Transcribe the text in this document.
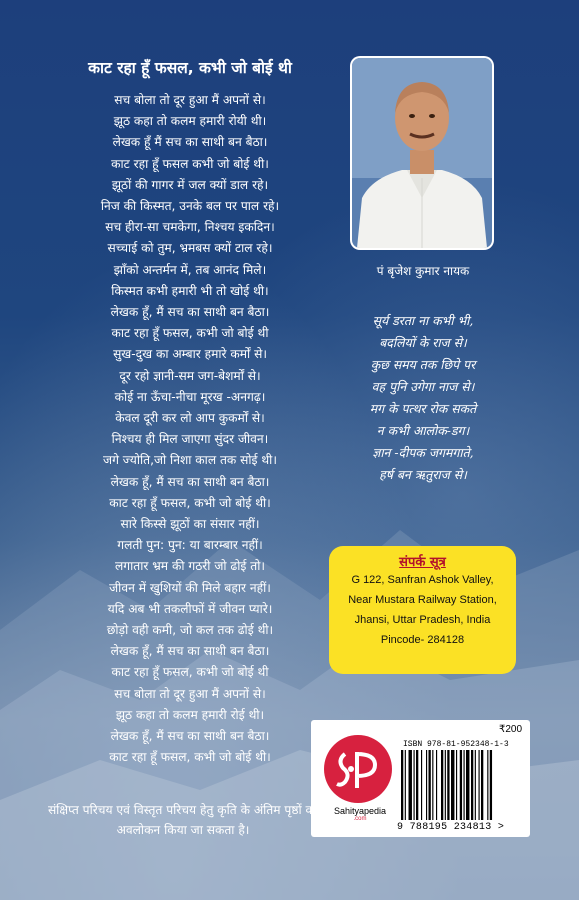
काट रहा हूँ फसल, कभी जो बोई थी
सच बोला तो दूर हुआ मैं अपनों से।
झूठ कहा तो कलम हमारी रोयी थी।
लेखक हूँ मैं सच का साथी बन बैठा।
काट रहा हूँ फसल कभी जो बोई थी।
झूठों की गागर में जल क्यों डाल रहे।
निज की किस्मत, उनके बल पर पाल रहे।
सच हीरा-सा चमकेगा, निश्चय इकदिन।
सच्चाई को तुम, भ्रमबस क्यों टाल रहे।
झाँको अन्तर्मन में, तब आनंद मिले।
किस्मत कभी हमारी भी तो खोई थी।
लेखक हूँ, मैं सच का साथी बन बैठा।
काट रहा हूँ फसल, कभी जो बोई थी
सुख-दुख का अम्बार हमारे कर्मों से।
दूर रहो ज्ञानी-सम जग-बेशर्मों से।
कोई ना ऊँचा-नीचा मूरख -अनगढ़।
केवल दूरी कर लो आप कुकर्मों से।
निश्चय ही मिल जाएगा सुंदर जीवन।
जगे ज्योति,जो निशा काल तक सोई थी।
लेखक हूँ, मैं सच का साथी बन बैठा।
काट रहा हूँ फसल, कभी जो बोई थी।
सारे किस्से झूठों का संसार नहीं।
गलती पुन: पुन: या बारम्बार नहीं।
लगातार भ्रम की गठरी जो ढोई तो।
जीवन में खुशियों की मिले बहार नहीं।
यदि अब भी तकलीफों में जीवन प्यारे।
छोड़ो वही कमी, जो कल तक ढोई थी।
लेखक हूँ, मैं सच का साथी बन बैठा।
काट रहा हूँ फसल, कभी जो बोई थी
सच बोला तो दूर हुआ मैं अपनों से।
झूठ कहा तो कलम हमारी रोई थी।
लेखक हूँ, मैं सच का साथी बन बैठा।
काट रहा हूँ फसल, कभी जो बोई थी।
पं बृजेश कुमार नायक
सूर्य डरता ना कभी भी,
बदलियों के राज से।
कुछ समय तक छिपे पर
वह पुनि उगेगा नाज से।
मग के पत्थर रोक सकते
न कभी आलोक-डग।
ज्ञान -दीपक जगमगाते,
हर्ष बन ऋतुराज से।
संपर्क सूत्र
G 122, Sanfran Ashok Valley,
Near Mustara Railway Station,
Jhansi, Uttar Pradesh, India
Pincode- 284128
₹200
Sahityapedia
.com
ISBN 978-81-952348-1-3
9 788195 234813 >
संक्षिप्त परिचय एवं विस्तृत परिचय हेतु कृति के अंतिम पृष्ठों का अवलोकन किया जा सकता है।
